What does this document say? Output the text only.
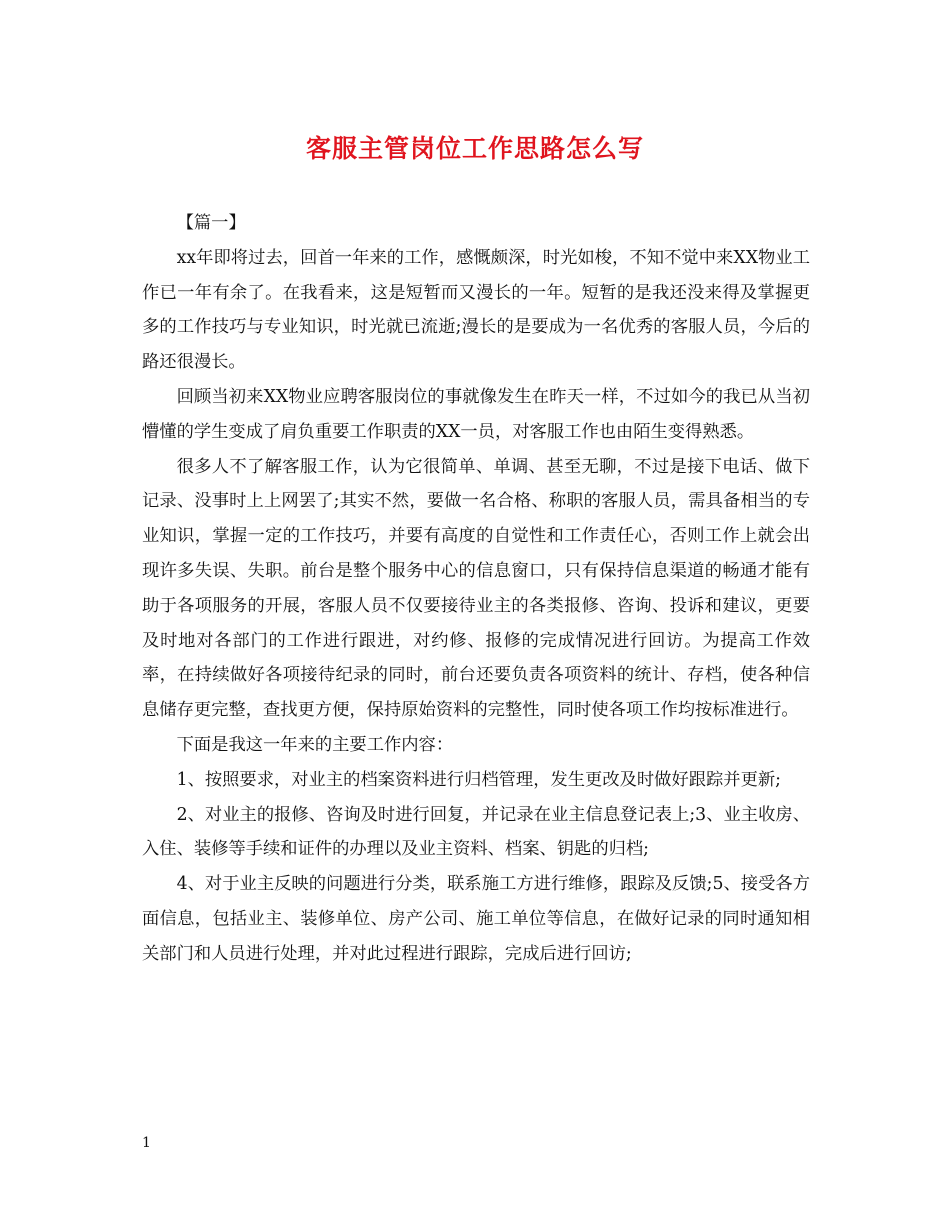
客服主管岗位工作思路怎么写

【篇一】

xx年即将过去，回首一年来的工作，感慨颇深，时光如梭，不知不觉中来XX物业工作已一年有余了。在我看来，这是短暂而又漫长的一年。短暂的是我还没来得及掌握更多的工作技巧与专业知识，时光就已流逝;漫长的是要成为一名优秀的客服人员，今后的路还很漫长。

回顾当初来XX物业应聘客服岗位的事就像发生在昨天一样，不过如今的我已从当初懵懂的学生变成了肩负重要工作职责的XX一员，对客服工作也由陌生变得熟悉。

很多人不了解客服工作，认为它很简单、单调、甚至无聊，不过是接下电话、做下记录、没事时上上网罢了;其实不然，要做一名合格、称职的客服人员，需具备相当的专业知识，掌握一定的工作技巧，并要有高度的自觉性和工作责任心，否则工作上就会出现许多失误、失职。前台是整个服务中心的信息窗口，只有保持信息渠道的畅通才能有助于各项服务的开展，客服人员不仅要接待业主的各类报修、咨询、投诉和建议，更要及时地对各部门的工作进行跟进，对约修、报修的完成情况进行回访。为提高工作效率，在持续做好各项接待纪录的同时，前台还要负责各项资料的统计、存档，使各种信息储存更完整，查找更方便，保持原始资料的完整性，同时使各项工作均按标准进行。

下面是我这一年来的主要工作内容：

1、按照要求，对业主的档案资料进行归档管理，发生更改及时做好跟踪并更新;

2、对业主的报修、咨询及时进行回复，并记录在业主信息登记表上;3、业主收房、入住、装修等手续和证件的办理以及业主资料、档案、钥匙的归档;

4、对于业主反映的问题进行分类，联系施工方进行维修，跟踪及反馈;5、接受各方面信息，包括业主、装修单位、房产公司、施工单位等信息，在做好记录的同时通知相关部门和人员进行处理，并对此过程进行跟踪，完成后进行回访;

1
